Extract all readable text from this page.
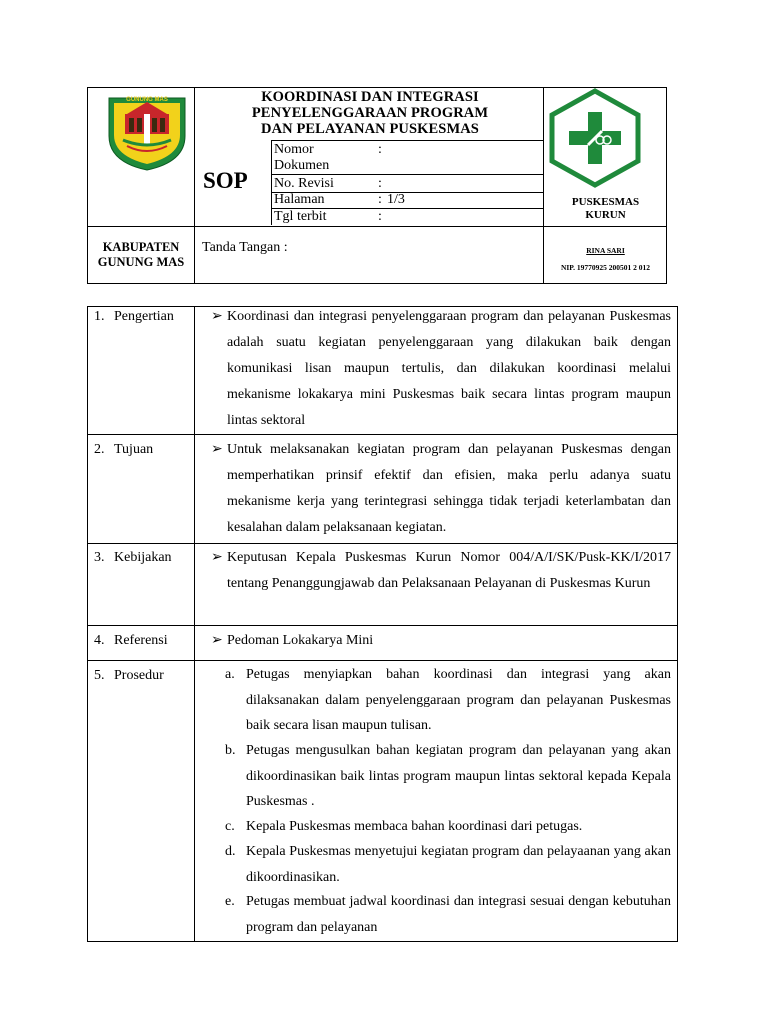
GUNUNG MAS	KOORDINASI DAN INTEGRASI
PENYELENGGARAAN PROGRAM
DAN PELAYANAN PUSKESMAS
SOP
Nomor	:
Dokumen
No. Revisi	:
Halaman	: 1/3
Tgl terbit	:
PUSKESMAS
KURUN
KABUPATEN
GUNUNG MAS
Tanda Tangan :	RINA SARI
NIP. 19770925 200501 2 012
1. Pengertian	➢ Koordinasi dan integrasi penyelenggaraan program dan pelayanan Puskesmas adalah suatu kegiatan penyelenggaraan yang dilakukan baik dengan komunikasi lisan maupun tertulis, dan dilakukan koordinasi melalui mekanisme lokakarya mini Puskesmas baik secara lintas program maupun lintas sektoral
2. Tujuan	➢ Untuk melaksanakan kegiatan program dan pelayanan Puskesmas dengan memperhatikan prinsif efektif dan efisien, maka perlu adanya suatu mekanisme kerja yang terintegrasi sehingga tidak terjadi keterlambatan dan kesalahan dalam pelaksanaan kegiatan.
3. Kebijakan	➢ Keputusan Kepala Puskesmas Kurun Nomor 004/A/I/SK/Pusk-KK/I/2017 tentang Penanggungjawab dan Pelaksanaan Pelayanan di Puskesmas Kurun
4. Referensi	➢ Pedoman Lokakarya Mini
5. Prosedur	a. Petugas menyiapkan bahan koordinasi dan integrasi yang akan dilaksanakan dalam penyelenggaraan program dan pelayanan Puskesmas baik secara lisan maupun tulisan.
b. Petugas mengusulkan bahan kegiatan program dan pelayanan yang akan dikoordinasikan baik lintas program maupun lintas sektoral kepada Kepala Puskesmas .
c. Kepala Puskesmas membaca bahan koordinasi dari petugas.
d. Kepala Puskesmas menyetujui kegiatan program dan pelayaanan yang akan dikoordinasikan.
e. Petugas membuat jadwal koordinasi dan integrasi sesuai dengan kebutuhan program dan pelayanan
